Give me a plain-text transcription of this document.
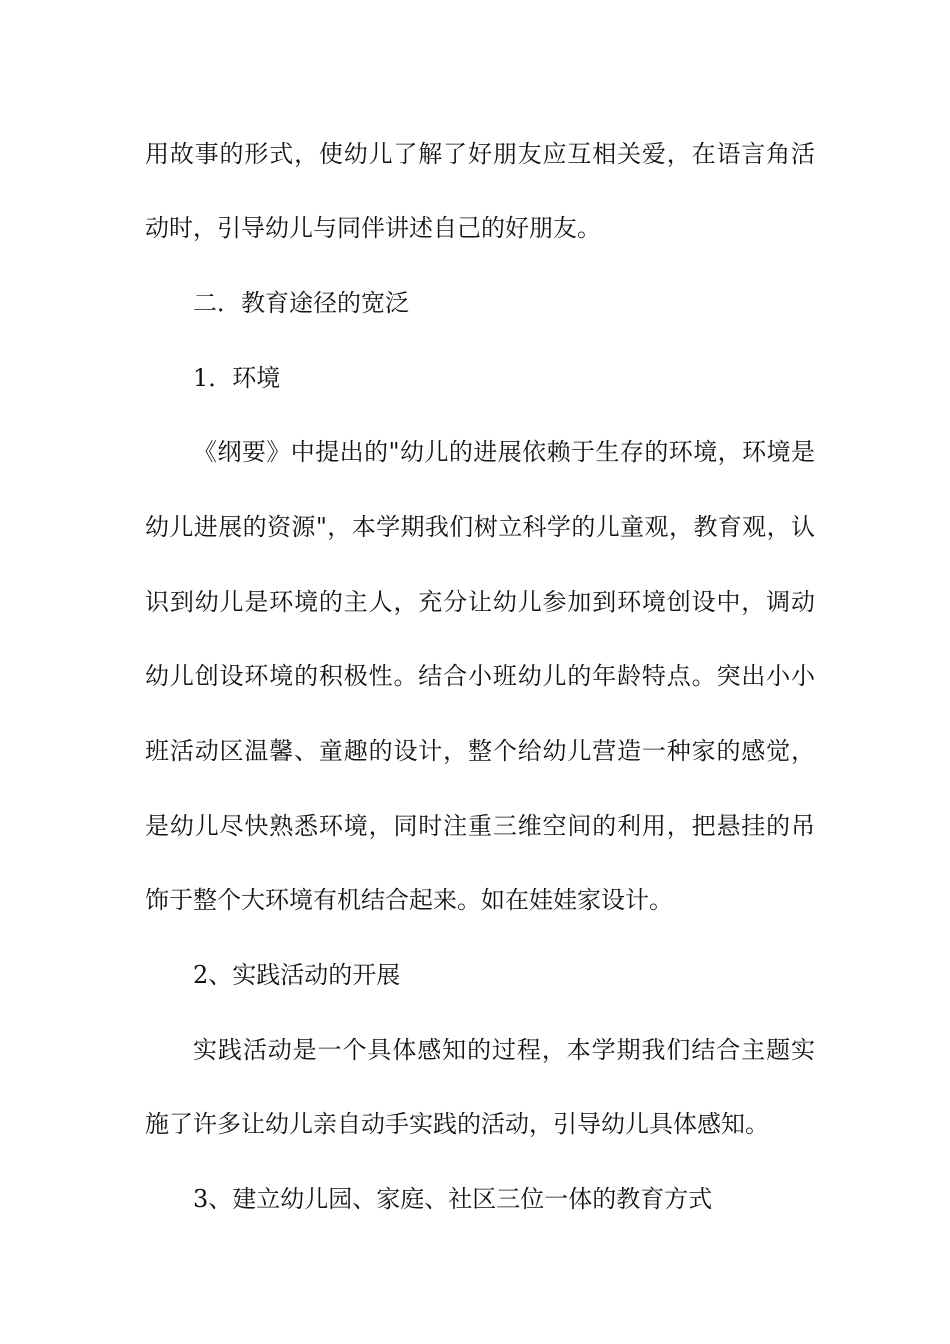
用故事的形式，使幼儿了解了好朋友应互相关爱，在语言角活
动时，引导幼儿与同伴讲述自己的好朋友。
二．教育途径的宽泛
1．环境
《纲要》中提出的"幼儿的进展依赖于生存的环境，环境是
幼儿进展的资源"，本学期我们树立科学的儿童观，教育观，认
识到幼儿是环境的主人，充分让幼儿参加到环境创设中，调动
幼儿创设环境的积极性。结合小班幼儿的年龄特点。突出小小
班活动区温馨、童趣的设计，整个给幼儿营造一种家的感觉，
是幼儿尽快熟悉环境，同时注重三维空间的利用，把悬挂的吊
饰于整个大环境有机结合起来。如在娃娃家设计。
2、实践活动的开展
实践活动是一个具体感知的过程，本学期我们结合主题实
施了许多让幼儿亲自动手实践的活动，引导幼儿具体感知。
3、建立幼儿园、家庭、社区三位一体的教育方式
